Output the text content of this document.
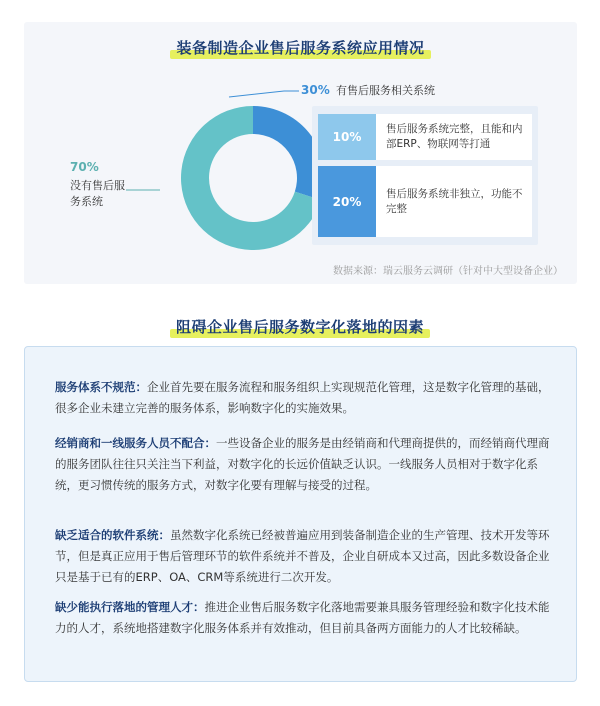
装备制造企业售后服务系统应用情况
30% 有售后服务相关系统
70%
没有售后服务系统
10%
售后服务系统完整，且能和内部ERP、物联网等打通
20%
售后服务系统非独立，功能不完整
数据来源：瑞云服务云调研（针对中大型设备企业）
阻碍企业售后服务数字化落地的因素
服务体系不规范：企业首先要在服务流程和服务组织上实现规范化管理，这是数字化管理的基础，很多企业未建立完善的服务体系，影响数字化的实施效果。
经销商和一线服务人员不配合：一些设备企业的服务是由经销商和代理商提供的，而经销商代理商的服务团队往往只关注当下利益，对数字化的长远价值缺乏认识。一线服务人员相对于数字化系统，更习惯传统的服务方式，对数字化要有理解与接受的过程。
缺乏适合的软件系统：虽然数字化系统已经被普遍应用到装备制造企业的生产管理、技术开发等环节，但是真正应用于售后管理环节的软件系统并不普及，企业自研成本又过高，因此多数设备企业只是基于已有的ERP、OA、CRM等系统进行二次开发。
缺少能执行落地的管理人才：推进企业售后服务数字化落地需要兼具服务管理经验和数字化技术能力的人才，系统地搭建数字化服务体系并有效推动，但目前具备两方面能力的人才比较稀缺。
